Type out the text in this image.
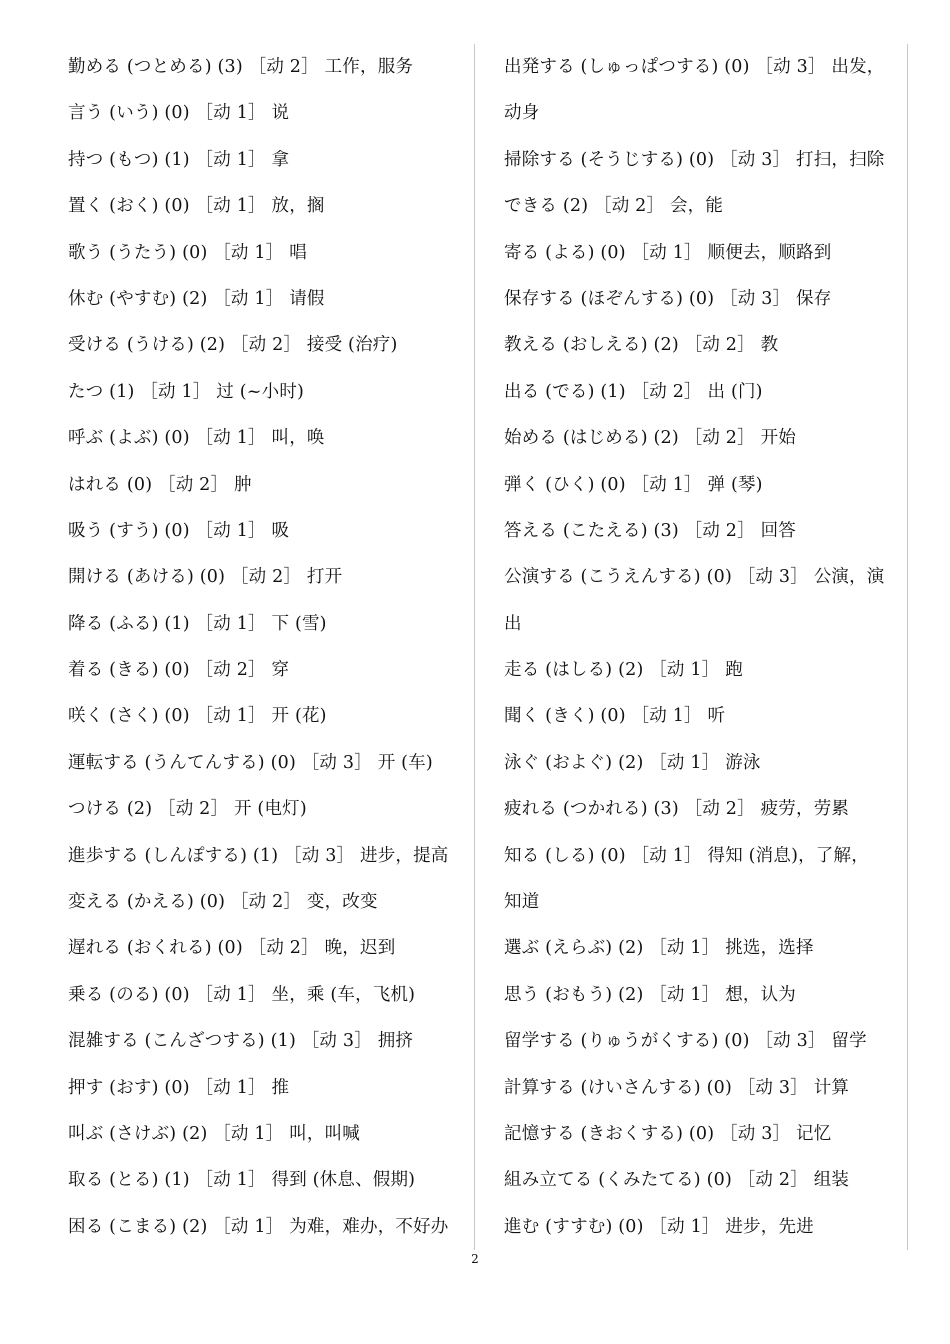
勤める (つとめる) (3) ［动 2］ 工作，服务
言う (いう) (0) ［动 1］ 说
持つ (もつ) (1) ［动 1］ 拿
置く (おく) (0) ［动 1］ 放，搁
歌う (うたう) (0) ［动 1］ 唱
休む (やすむ) (2) ［动 1］ 请假
受ける (うける) (2) ［动 2］ 接受 (治疗)
たつ (1) ［动 1］ 过 (~小时)
呼ぶ (よぶ) (0) ［动 1］ 叫，唤
はれる (0) ［动 2］ 肿
吸う (すう) (0) ［动 1］ 吸
開ける (あける) (0) ［动 2］ 打开
降る (ふる) (1) ［动 1］ 下 (雪)
着る (きる) (0) ［动 2］ 穿
咲く (さく) (0) ［动 1］ 开 (花)
運転する (うんてんする) (0) ［动 3］ 开 (车)
つける (2) ［动 2］ 开 (电灯)
進歩する (しんぽする) (1) ［动 3］ 进步，提高
変える (かえる) (0) ［动 2］ 变，改变
遅れる (おくれる) (0) ［动 2］ 晚，迟到
乗る (のる) (0) ［动 1］ 坐，乘 (车，飞机)
混雑する (こんざつする) (1) ［动 3］ 拥挤
押す (おす) (0) ［动 1］ 推
叫ぶ (さけぶ) (2) ［动 1］ 叫，叫喊
取る (とる) (1) ［动 1］ 得到 (休息、假期)
困る (こまる) (2) ［动 1］ 为难，难办，不好办
出発する (しゅっぱつする) (0) ［动 3］ 出发，
动身
掃除する (そうじする) (0) ［动 3］ 打扫，扫除
できる (2) ［动 2］ 会，能
寄る (よる) (0) ［动 1］ 顺便去，顺路到
保存する (ほぞんする) (0) ［动 3］ 保存
教える (おしえる) (2) ［动 2］ 教
出る (でる) (1) ［动 2］ 出 (门)
始める (はじめる) (2) ［动 2］ 开始
弾く (ひく) (0) ［动 1］ 弹 (琴)
答える (こたえる) (3) ［动 2］ 回答
公演する (こうえんする) (0) ［动 3］ 公演，演
出
走る (はしる) (2) ［动 1］ 跑
聞く (きく) (0) ［动 1］ 听
泳ぐ (およぐ) (2) ［动 1］ 游泳
疲れる (つかれる) (3) ［动 2］ 疲劳，劳累
知る (しる) (0) ［动 1］ 得知 (消息)，了解，
知道
選ぶ (えらぶ) (2) ［动 1］ 挑选，选择
思う (おもう) (2) ［动 1］ 想，认为
留学する (りゅうがくする) (0) ［动 3］ 留学
計算する (けいさんする) (0) ［动 3］ 计算
記憶する (きおくする) (0) ［动 3］ 记忆
組み立てる (くみたてる) (0) ［动 2］ 组装
進む (すすむ) (0) ［动 1］ 进步，先进
2
